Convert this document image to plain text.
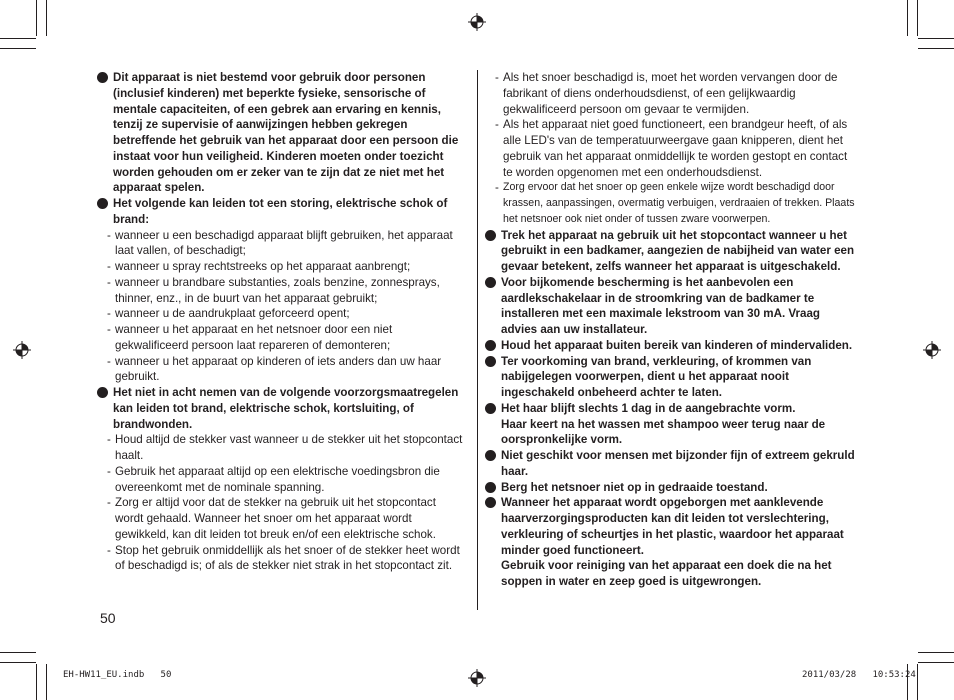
Dit apparaat is niet bestemd voor gebruik door personen (inclusief kinderen) met beperkte fysieke, sensorische of mentale capaciteiten, of een gebrek aan ervaring en kennis, tenzij ze supervisie of aanwijzingen hebben gekregen betreffende het gebruik van het apparaat door een persoon die instaat voor hun veiligheid. Kinderen moeten onder toezicht worden gehouden om er zeker van te zijn dat ze niet met het apparaat spelen.

Het volgende kan leiden tot een storing, elektrische schok of brand:

- wanneer u een beschadigd apparaat blijft gebruiken, het apparaat laat vallen, of beschadigt;
- wanneer u spray rechtstreeks op het apparaat aanbrengt;
- wanneer u brandbare substanties, zoals benzine, zonnesprays, thinner, enz., in de buurt van het apparaat gebruikt;
- wanneer u de aandrukplaat geforceerd opent;
- wanneer u het apparaat en het netsnoer door een niet gekwalificeerd persoon laat repareren of demonteren;
- wanneer u het apparaat op kinderen of iets anders dan uw haar gebruikt.

Het niet in acht nemen van de volgende voorzorgsmaatregelen kan leiden tot brand, elektrische schok, kortsluiting, of brandwonden.

- Houd altijd de stekker vast wanneer u de stekker uit het stopcontact haalt.
- Gebruik het apparaat altijd op een elektrische voedingsbron die overeenkomt met de nominale spanning.
- Zorg er altijd voor dat de stekker na gebruik uit het stopcontact wordt gehaald. Wanneer het snoer om het apparaat wordt gewikkeld, kan dit leiden tot breuk en/of een elektrische schok.
- Stop het gebruik onmiddellijk als het snoer of de stekker heet wordt of beschadigd is; of als de stekker niet strak in het stopcontact zit.
- Als het snoer beschadigd is, moet het worden vervangen door de fabrikant of diens onderhoudsdienst, of een gelijkwaardig gekwalificeerd persoon om gevaar te vermijden.
- Als het apparaat niet goed functioneert, een brandgeur heeft, of als alle LED's van de temperatuurweergave gaan knipperen, dient het gebruik van het apparaat onmiddellijk te worden gestopt en contact te worden opgenomen met een onderhoudsdienst.
- Zorg ervoor dat het snoer op geen enkele wijze wordt beschadigd door krassen, aanpassingen, overmatig verbuigen, verdraaien of trekken. Plaats het netsnoer ook niet onder of tussen zware voorwerpen.

Trek het apparaat na gebruik uit het stopcontact wanneer u het gebruikt in een badkamer, aangezien de nabijheid van water een gevaar betekent, zelfs wanneer het apparaat is uitgeschakeld.

Voor bijkomende bescherming is het aanbevolen een aardlekschakelaar in de stroomkring van de badkamer te installeren met een maximale lekstroom van 30 mA. Vraag advies aan uw installateur.

Houd het apparaat buiten bereik van kinderen of mindervaliden.

Ter voorkoming van brand, verkleuring, of krommen van nabijgelegen voorwerpen, dient u het apparaat nooit ingeschakeld onbeheerd achter te laten.

Het haar blijft slechts 1 dag in de aangebrachte vorm.

Haar keert na het wassen met shampoo weer terug naar de oorspronkelijke vorm.

Niet geschikt voor mensen met bijzonder fijn of extreem gekruld haar.

Berg het netsnoer niet op in gedraaide toestand.

Wanneer het apparaat wordt opgeborgen met aanklevende haarverzorgingsproducten kan dit leiden tot verslechtering, verkleuring of scheurtjes in het plastic, waardoor het apparaat minder goed functioneert.

Gebruik voor reiniging van het apparaat een doek die na het soppen in water en zeep goed is uitgewrongen.

50
EH-HW11_EU.indb   50	2011/03/28   10:53:24
